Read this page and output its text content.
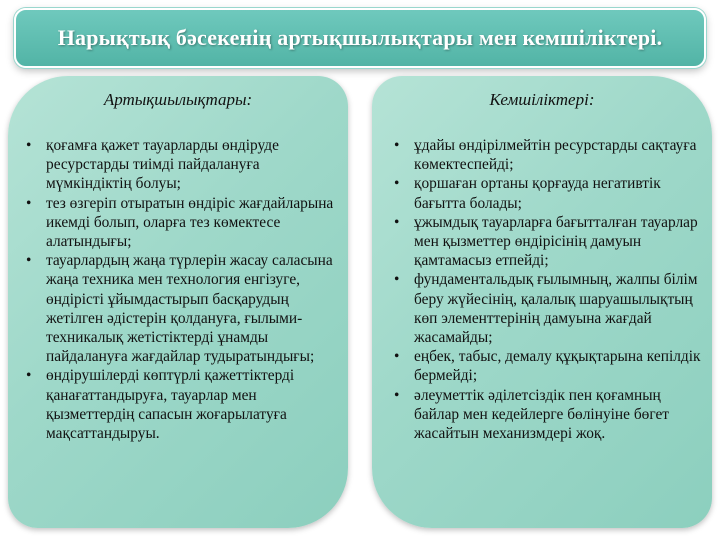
Нарықтық бәсекенің артықшылықтары мен кемшіліктері.
Артықшылықтары:
• қоғамға қажет тауарларды өндіруде ресурстарды тиімді пайдалануға мүмкіндіктің болуы;
• тез өзгеріп отыратын өндіріс жағдайларына икемді болып, оларға тез көмектесе алатындығы;
• тауарлардың жаңа түрлерін жасау саласына жаңа техника мен технология енгізуге, өндірісті ұйымдастырып басқарудың жетілген әдістерін қолдануға, ғылыми-техникалық жетістіктерді ұнамды пайдалануға жағдайлар тудыратындығы;
• өндірушілерді көптүрлі қажеттіктерді қанағаттандыруға, тауарлар мен қызметтердің сапасын жоғарылатуға мақсаттандыруы.
Кемшіліктері:
• ұдайы өндірілмейтін ресурстарды сақтауға көмектеспейді;
• қоршаған ортаны қорғауда негативтік бағытта болады;
• ұжымдық тауарларға бағытталған тауарлар мен қызметтер өндірісінің дамуын қамтамасыз етпейді;
• фундаментальдық ғылымның, жалпы білім беру жүйесінің, қалалық шаруашылықтың көп элементтерінің дамуына жағдай жасамайды;
• еңбек, табыс, демалу құқықтарына кепілдік бермейді;
• әлеуметтік әділетсіздік пен қоғамның байлар мен кедейлерге бөлінуіне бөгет жасайтын механизмдері жоқ.
